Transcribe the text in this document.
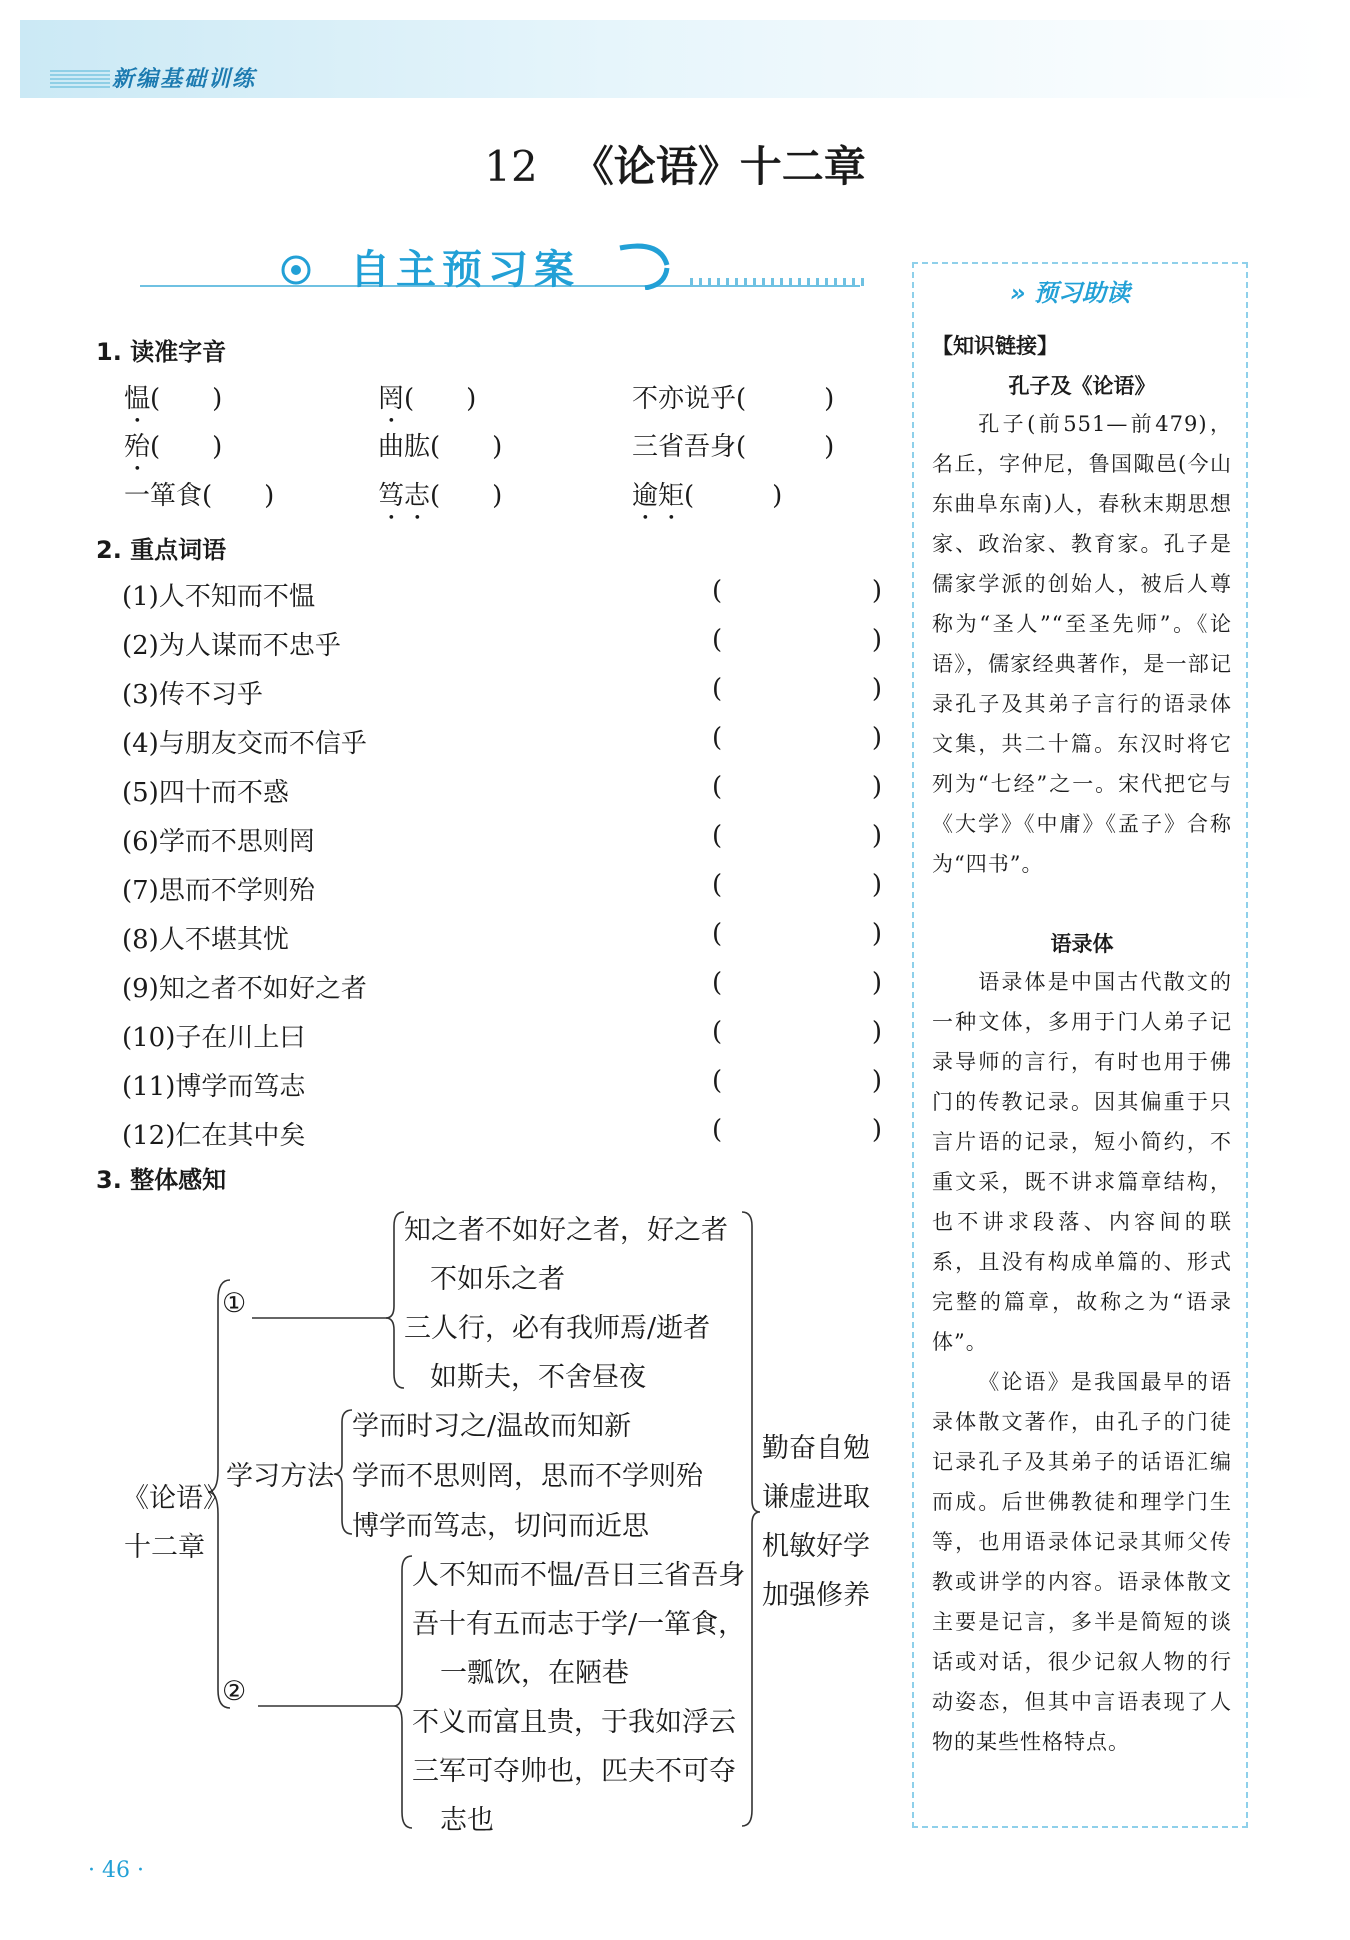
新编基础训练
12 《论语》十二章
自主预习案
1. 读准字音
愠(　　)	罔(　　)	不亦说乎(　　　)
殆(　　)	曲肱(　　)	三省吾身(　　　)
一箪食(　　)	笃志(　　)	逾矩(　　　)
2. 重点词语
(1)人不知而不愠	(	)
(2)为人谋而不忠乎	(	)
(3)传不习乎	(	)
(4)与朋友交而不信乎	(	)
(5)四十而不惑	(	)
(6)学而不思则罔	(	)
(7)思而不学则殆	(	)
(8)人不堪其忧	(	)
(9)知之者不如好之者	(	)
(10)子在川上曰	(	)
(11)博学而笃志	(	)
(12)仁在其中矣	(	)
3. 整体感知
《论语》
十二章
①
知之者不如好之者，好之者
不如乐之者
三人行，必有我师焉/逝者
如斯夫，不舍昼夜
学习方法
学而时习之/温故而知新
学而不思则罔，思而不学则殆
博学而笃志，切问而近思
②
人不知而不愠/吾日三省吾身
吾十有五而志于学/一箪食，
一瓢饮，在陋巷
不义而富且贵，于我如浮云
三军可夺帅也，匹夫不可夺
志也
勤奋自勉
谦虚进取
机敏好学
加强修养
» 预习助读
【知识链接】
孔子及《论语》

孔子(前551—前479)，名丘，字仲尼，鲁国陬邑(今山东曲阜东南)人，春秋末期思想家、政治家、教育家。孔子是儒家学派的创始人，被后人尊称为“圣人”“至圣先师”。《论语》，儒家经典著作，是一部记录孔子及其弟子言行的语录体文集，共二十篇。东汉时将它列为“七经”之一。宋代把它与《大学》《中庸》《孟子》合称为“四书”。

语录体

语录体是中国古代散文的一种文体，多用于门人弟子记录导师的言行，有时也用于佛门的传教记录。因其偏重于只言片语的记录，短小简约，不重文采，既不讲求篇章结构，也不讲求段落、内容间的联系，且没有构成单篇的、形式完整的篇章，故称之为“语录体”。

《论语》是我国最早的语录体散文著作，由孔子的门徒记录孔子及其弟子的话语汇编而成。后世佛教徒和理学门生等，也用语录体记录其师父传教或讲学的内容。语录体散文主要是记言，多半是简短的谈话或对话，很少记叙人物的行动姿态，但其中言语表现了人物的某些性格特点。

· 46 ·
